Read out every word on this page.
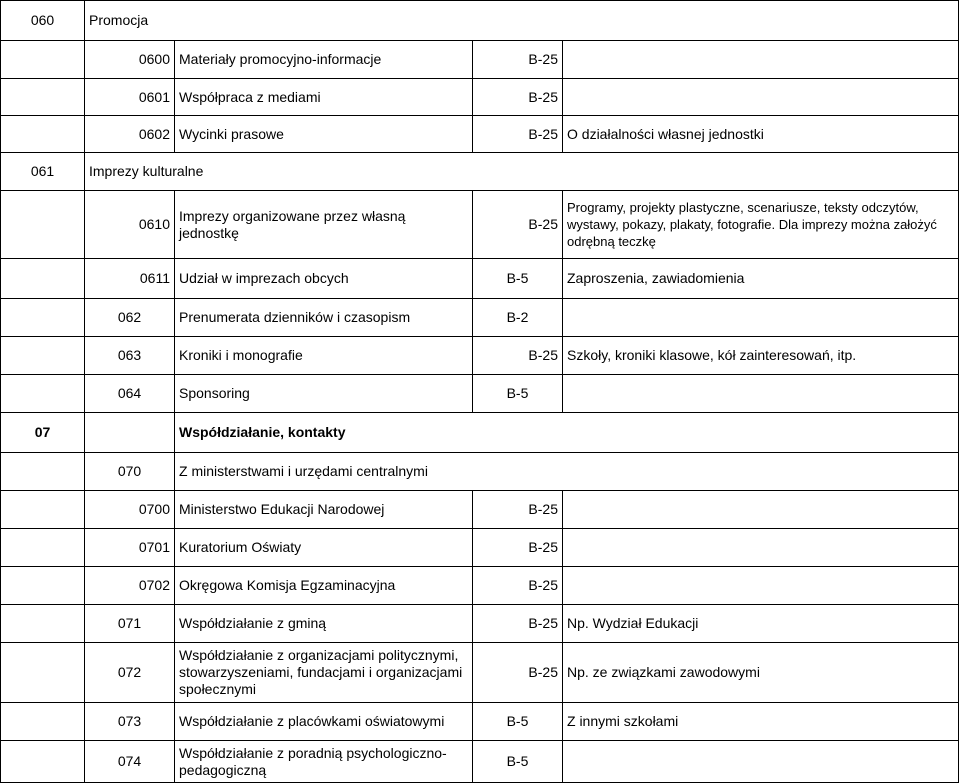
060	Promocja			
	0600	Materiały promocyjno-informacje	B-25	
	0601	Współpraca z mediami	B-25	
	0602	Wycinki prasowe	B-25	O działalności własnej jednostki
061	Imprezy kulturalne			
	0610	Imprezy organizowane przez własną jednostkę	B-25	Programy, projekty plastyczne, scenariusze, teksty odczytów, wystawy, pokazy, plakaty, fotografie. Dla imprezy można założyć odrębną teczkę
	0611	Udział w imprezach obcych	B-5	Zaproszenia, zawiadomienia
	062	Prenumerata dzienników i czasopism	B-2	
	063	Kroniki i monografie	B-25	Szkoły, kroniki klasowe, kół zainteresowań, itp.
	064	Sponsoring	B-5	
07		Współdziałanie, kontakty		
	070	Z ministerstwami i urzędami centralnymi		
	0700	Ministerstwo Edukacji Narodowej	B-25	
	0701	Kuratorium Oświaty	B-25	
	0702	Okręgowa Komisja Egzaminacyjna	B-25	
	071	Współdziałanie z gminą	B-25	Np. Wydział Edukacji
	072	Współdziałanie z organizacjami politycznymi, stowarzyszeniami, fundacjami i organizacjami społecznymi	B-25	Np. ze związkami zawodowymi
	073	Współdziałanie z placówkami oświatowymi	B-5	Z innymi szkołami
	074	Współdziałanie z poradnią psychologiczno-pedagogiczną	B-5	
